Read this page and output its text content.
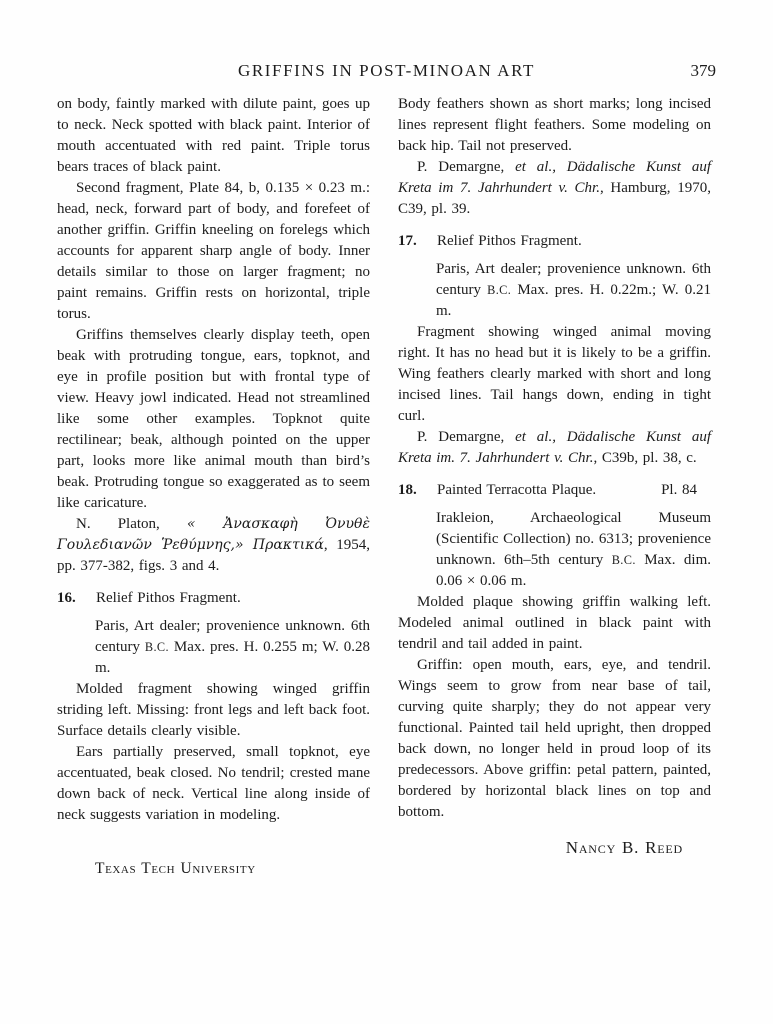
GRIFFINS IN POST-MINOAN ART	379

on body, faintly marked with dilute paint, goes up to neck. Neck spotted with black paint. Interior of mouth accentuated with red paint. Triple torus bears traces of black paint.

Second fragment, Plate 84, b, 0.135 × 0.23 m.: head, neck, forward part of body, and forefeet of another griffin. Griffin kneeling on forelegs which accounts for apparent sharp angle of body. Inner details similar to those on larger fragment; no paint remains. Griffin rests on horizontal, triple torus.

Griffins themselves clearly display teeth, open beak with protruding tongue, ears, topknot, and eye in profile position but with frontal type of view. Heavy jowl indicated. Head not streamlined like some other examples. Topknot quite rectilinear; beak, although pointed on the upper part, looks more like animal mouth than bird’s beak. Protruding tongue so exaggerated as to seem like caricature.

N. Platon, « Ἀνασκαφὴ Ὀνυθὲ Γουλεδιανῶν Ῥεθύμνης,» Πρακτικά, 1954, pp. 377-382, figs. 3 and 4.

16.	Relief Pithos Fragment.

Paris, Art dealer; provenience unknown. 6th century B.C. Max. pres. H. 0.255 m; W. 0.28 m.

Molded fragment showing winged griffin striding left. Missing: front legs and left back foot. Surface details clearly visible.

Ears partially preserved, small topknot, eye accentuated, beak closed. No tendril; crested mane down back of neck. Vertical line along inside of neck suggests variation in modeling.

Texas Tech University

Body feathers shown as short marks; long incised lines represent flight feathers. Some modeling on back hip. Tail not preserved.

P. Demargne, et al., Dädalische Kunst auf Kreta im 7. Jahrhundert v. Chr., Hamburg, 1970, C39, pl. 39.

17.	Relief Pithos Fragment.

Paris, Art dealer; provenience unknown. 6th century B.C. Max. pres. H. 0.22m.; W. 0.21 m.

Fragment showing winged animal moving right. It has no head but it is likely to be a griffin. Wing feathers clearly marked with short and long incised lines. Tail hangs down, ending in tight curl.

P. Demargne, et al., Dädalische Kunst auf Kreta im. 7. Jahrhundert v. Chr., C39b, pl. 38, c.

18.	Painted Terracotta Plaque.	Pl. 84

Irakleion, Archaeological Museum (Scientific Collection) no. 6313; provenience unknown. 6th–5th century B.C. Max. dim. 0.06 × 0.06 m.

Molded plaque showing griffin walking left. Modeled animal outlined in black paint with tendril and tail added in paint.

Griffin: open mouth, ears, eye, and tendril. Wings seem to grow from near base of tail, curving quite sharply; they do not appear very functional. Painted tail held upright, then dropped back down, no longer held in proud loop of its predecessors. Above griffin: petal pattern, painted, bordered by horizontal black lines on top and bottom.

Nancy B. Reed
